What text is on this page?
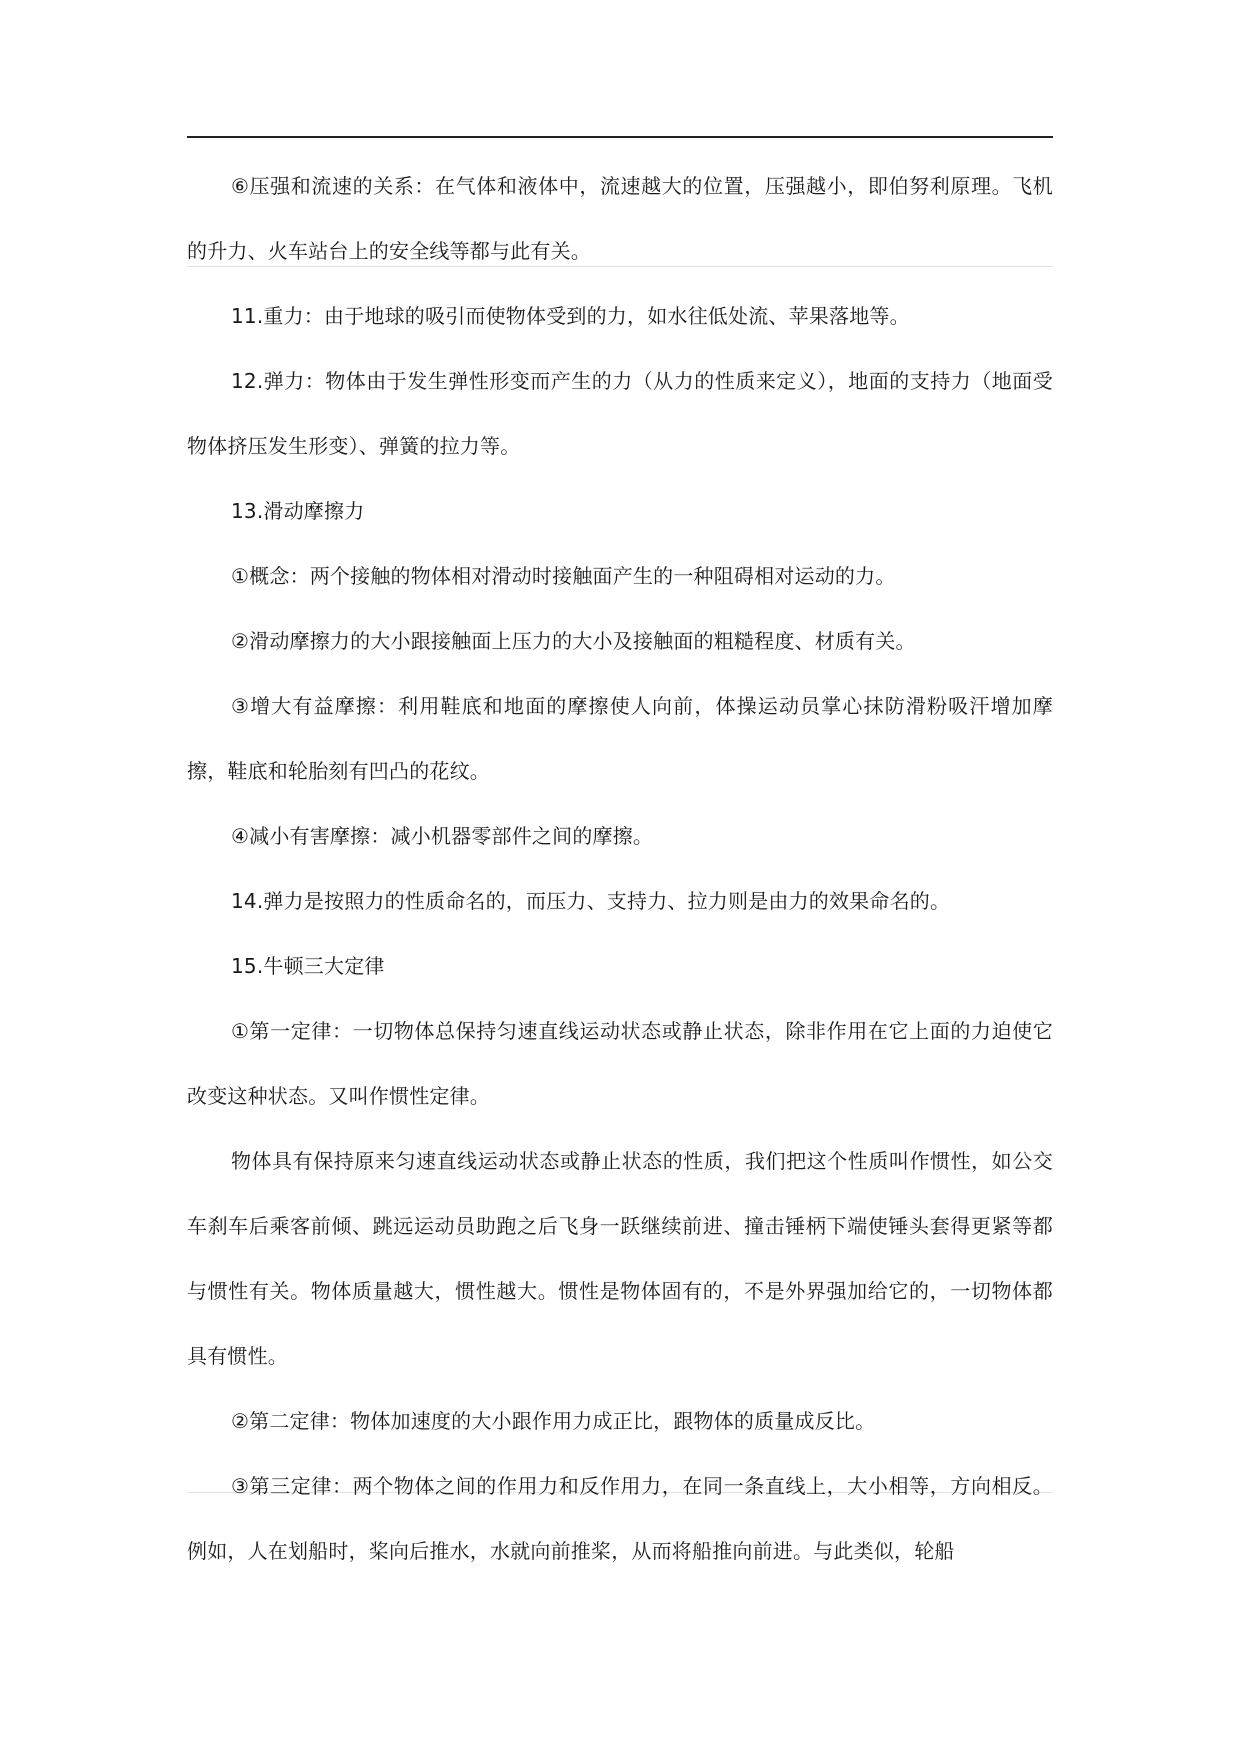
⑥压强和流速的关系：在气体和液体中，流速越大的位置，压强越小，即伯努利原理。飞机的升力、火车站台上的安全线等都与此有关。

11.重力：由于地球的吸引而使物体受到的力，如水往低处流、苹果落地等。

12.弹力：物体由于发生弹性形变而产生的力（从力的性质来定义），地面的支持力（地面受物体挤压发生形变）、弹簧的拉力等。

13.滑动摩擦力

①概念：两个接触的物体相对滑动时接触面产生的一种阻碍相对运动的力。

②滑动摩擦力的大小跟接触面上压力的大小及接触面的粗糙程度、材质有关。

③增大有益摩擦：利用鞋底和地面的摩擦使人向前，体操运动员掌心抹防滑粉吸汗增加摩擦，鞋底和轮胎刻有凹凸的花纹。

④减小有害摩擦：减小机器零部件之间的摩擦。

14.弹力是按照力的性质命名的，而压力、支持力、拉力则是由力的效果命名的。

15.牛顿三大定律

①第一定律：一切物体总保持匀速直线运动状态或静止状态，除非作用在它上面的力迫使它改变这种状态。又叫作惯性定律。

物体具有保持原来匀速直线运动状态或静止状态的性质，我们把这个性质叫作惯性，如公交车刹车后乘客前倾、跳远运动员助跑之后飞身一跃继续前进、撞击锤柄下端使锤头套得更紧等都与惯性有关。物体质量越大，惯性越大。惯性是物体固有的，不是外界强加给它的，一切物体都具有惯性。

②第二定律：物体加速度的大小跟作用力成正比，跟物体的质量成反比。

③第三定律：两个物体之间的作用力和反作用力，在同一条直线上，大小相等，方向相反。例如，人在划船时，桨向后推水，水就向前推桨，从而将船推向前进。与此类似，轮船
